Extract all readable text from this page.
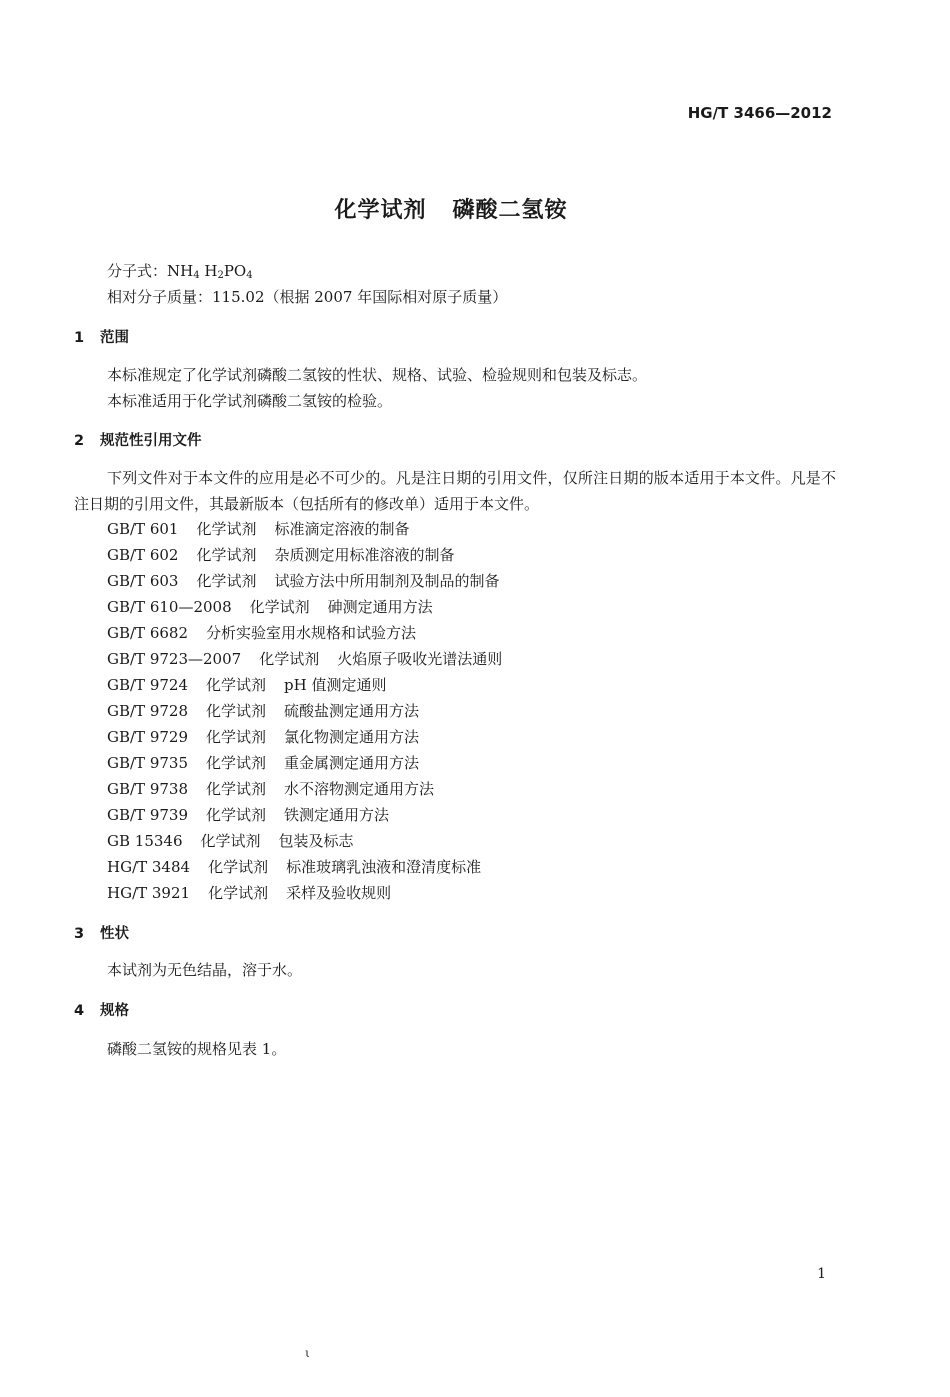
HG/T 3466—2012
化学试剂 磷酸二氢铵
分子式：$NH_4$ $H_2PO_4$
相对分子质量：115.02（根据 2007 年国际相对原子质量）
1 范围
本标准规定了化学试剂磷酸二氢铵的性状、规格、试验、检验规则和包装及标志。
本标准适用于化学试剂磷酸二氢铵的检验。
2 规范性引用文件
下列文件对于本文件的应用是必不可少的。凡是注日期的引用文件，仅所注日期的版本适用于本文件。凡是不注日期的引用文件，其最新版本（包括所有的修改单）适用于本文件。
GB/T 601 化学试剂 标准滴定溶液的制备
GB/T 602 化学试剂 杂质测定用标准溶液的制备
GB/T 603 化学试剂 试验方法中所用制剂及制品的制备
GB/T 610—2008 化学试剂 砷测定通用方法
GB/T 6682 分析实验室用水规格和试验方法
GB/T 9723—2007 化学试剂 火焰原子吸收光谱法通则
GB/T 9724 化学试剂 pH 值测定通则
GB/T 9728 化学试剂 硫酸盐测定通用方法
GB/T 9729 化学试剂 氯化物测定通用方法
GB/T 9735 化学试剂 重金属测定通用方法
GB/T 9738 化学试剂 水不溶物测定通用方法
GB/T 9739 化学试剂 铁测定通用方法
GB 15346 化学试剂 包装及标志
HG/T 3484 化学试剂 标准玻璃乳浊液和澄清度标准
HG/T 3921 化学试剂 采样及验收规则
3 性状
本试剂为无色结晶，溶于水。
4 规格
磷酸二氢铵的规格见表 1。
1
ι
